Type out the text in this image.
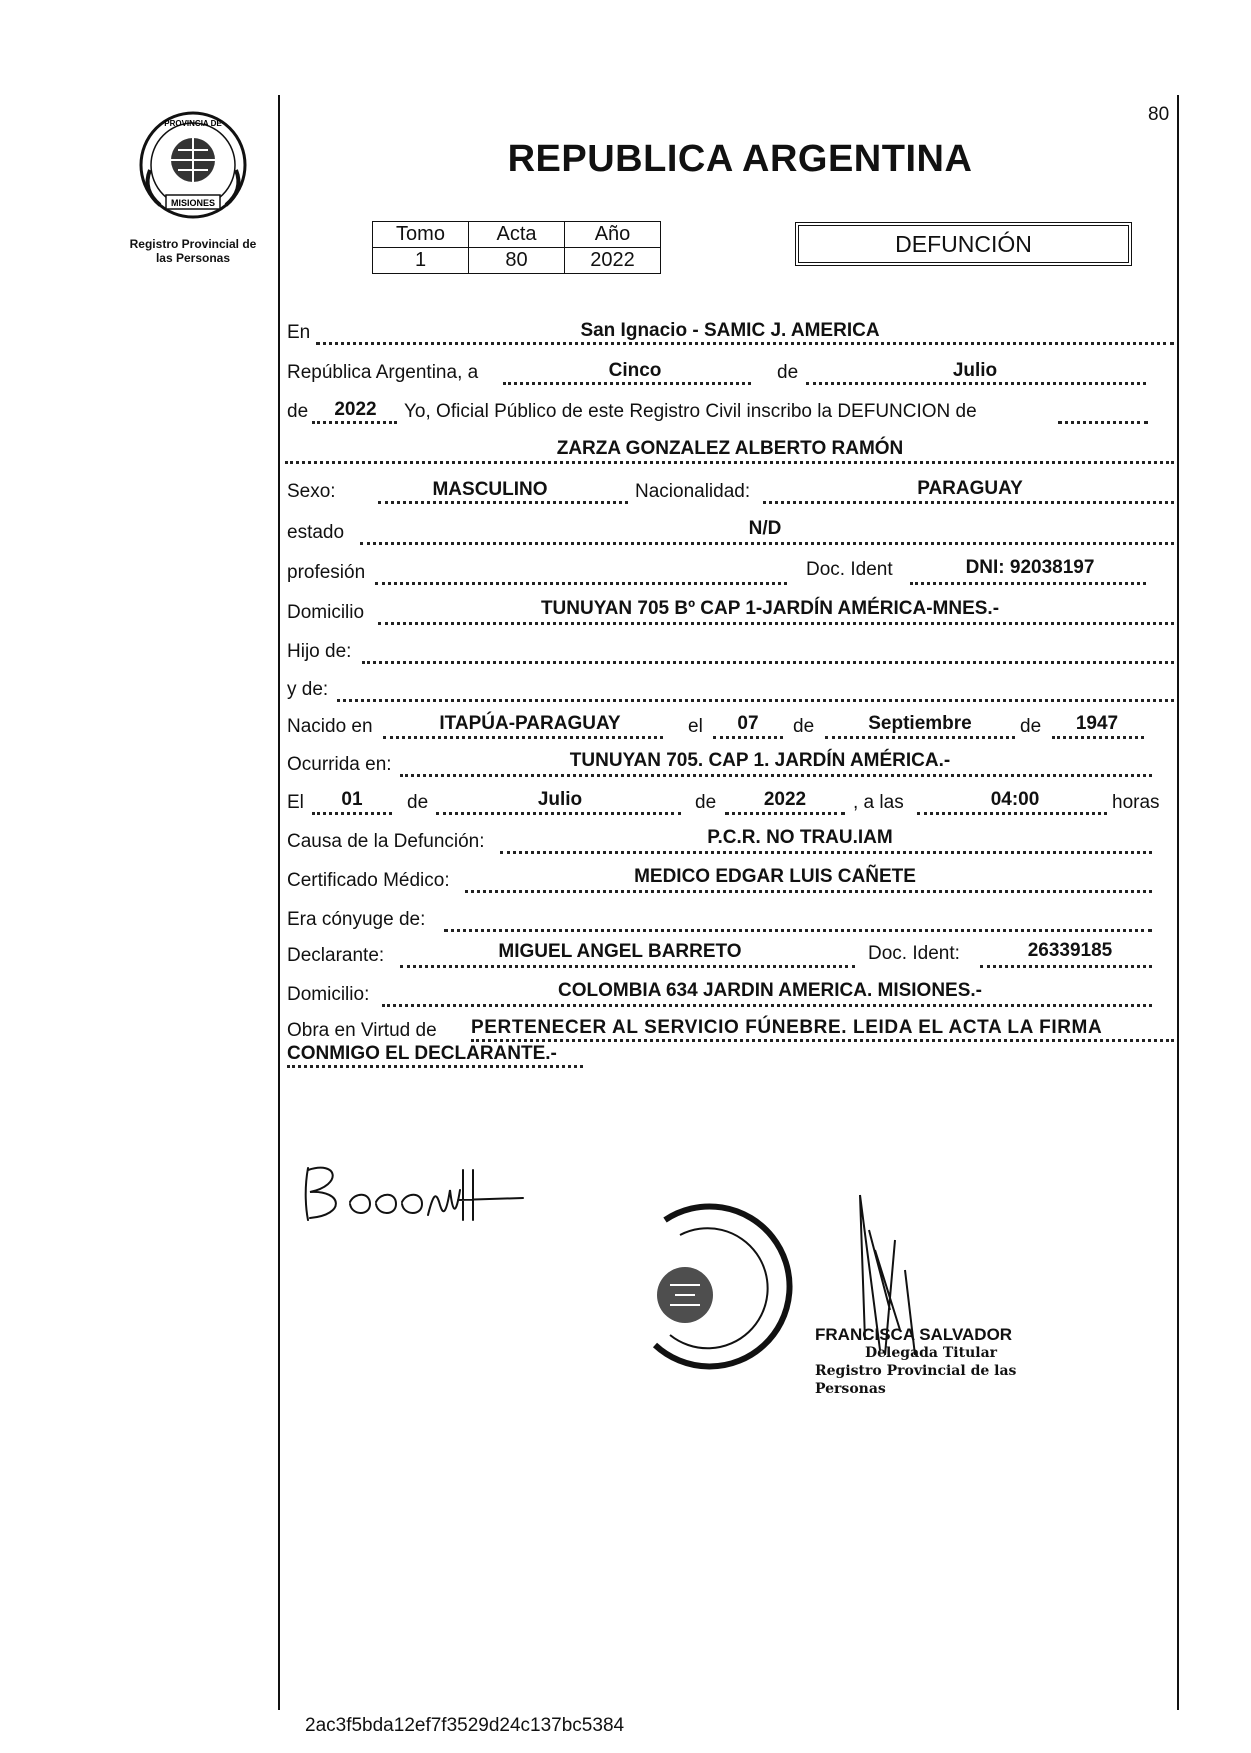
MISIONES
PROVINCIA DE
Registro Provincial de
las Personas
80
REPUBLICA ARGENTINA
Tomo	Acta	Año
1	80	2022
DEFUNCIÓN
En	San Ignacio - SAMIC J. AMERICA
República Argentina, a	Cinco	de	Julio
de	2022	Yo, Oficial Público de este Registro Civil inscribo la DEFUNCION de
ZARZA GONZALEZ ALBERTO RAMÓN
Sexo:	MASCULINO	Nacionalidad:	PARAGUAY
estado	N/D
profesión	Doc. Ident	DNI: 92038197
Domicilio	TUNUYAN 705 Bº CAP 1-JARDÍN AMÉRICA-MNES.-
Hijo de:
y de:
Nacido en	ITAPÚA-PARAGUAY	el	07	de	Septiembre	de	1947
Ocurrida en:	TUNUYAN 705. CAP 1. JARDÍN AMÉRICA.-
El	01	de	Julio	de	2022	, a las	04:00	horas
Causa de la Defunción:	P.C.R. NO TRAU.IAM
Certificado Médico:	MEDICO EDGAR LUIS CAÑETE
Era cónyuge de:
Declarante:	MIGUEL ANGEL BARRETO	Doc. Ident:	26339185
Domicilio:	COLOMBIA 634 JARDIN AMERICA. MISIONES.-
Obra en Virtud de PERTENECER AL SERVICIO FÚNEBRE. LEIDA EL ACTA LA FIRMA
CONMIGO EL DECLARANTE.-
FRANCISCA SALVADOR
Delegada Titular
Registro Provincial de las Personas
2ac3f5bda12ef7f3529d24c137bc5384
